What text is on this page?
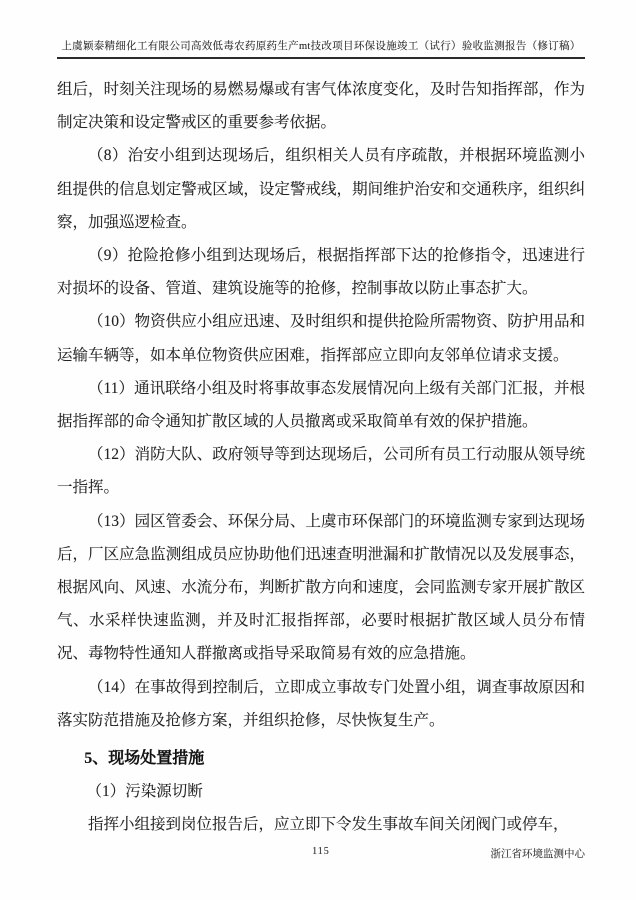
上虞颖泰精细化工有限公司高效低毒农药原药生产mt技改项目环保设施竣工（试行）验收监测报告（修订稿）

组后，时刻关注现场的易燃易爆或有害气体浓度变化，及时告知指挥部，作为制定决策和设定警戒区的重要参考依据。

（8）治安小组到达现场后，组织相关人员有序疏散，并根据环境监测小组提供的信息划定警戒区域，设定警戒线，期间维护治安和交通秩序，组织纠察，加强巡逻检查。

（9）抢险抢修小组到达现场后，根据指挥部下达的抢修指令，迅速进行对损坏的设备、管道、建筑设施等的抢修，控制事故以防止事态扩大。

（10）物资供应小组应迅速、及时组织和提供抢险所需物资、防护用品和运输车辆等，如本单位物资供应困难，指挥部应立即向友邻单位请求支援。

（11）通讯联络小组及时将事故事态发展情况向上级有关部门汇报，并根据指挥部的命令通知扩散区域的人员撤离或采取简单有效的保护措施。

（12）消防大队、政府领导等到达现场后，公司所有员工行动服从领导统一指挥。

（13）园区管委会、环保分局、上虞市环保部门的环境监测专家到达现场后，厂区应急监测组成员应协助他们迅速查明泄漏和扩散情况以及发展事态，根据风向、风速、水流分布，判断扩散方向和速度，会同监测专家开展扩散区气、水采样快速监测，并及时汇报指挥部，必要时根据扩散区域人员分布情况、毒物特性通知人群撤离或指导采取简易有效的应急措施。

（14）在事故得到控制后，立即成立事故专门处置小组，调查事故原因和落实防范措施及抢修方案，并组织抢修，尽快恢复生产。

5、现场处置措施

（1）污染源切断

指挥小组接到岗位报告后，应立即下令发生事故车间关闭阀门或停车，

115	浙江省环境监测中心
